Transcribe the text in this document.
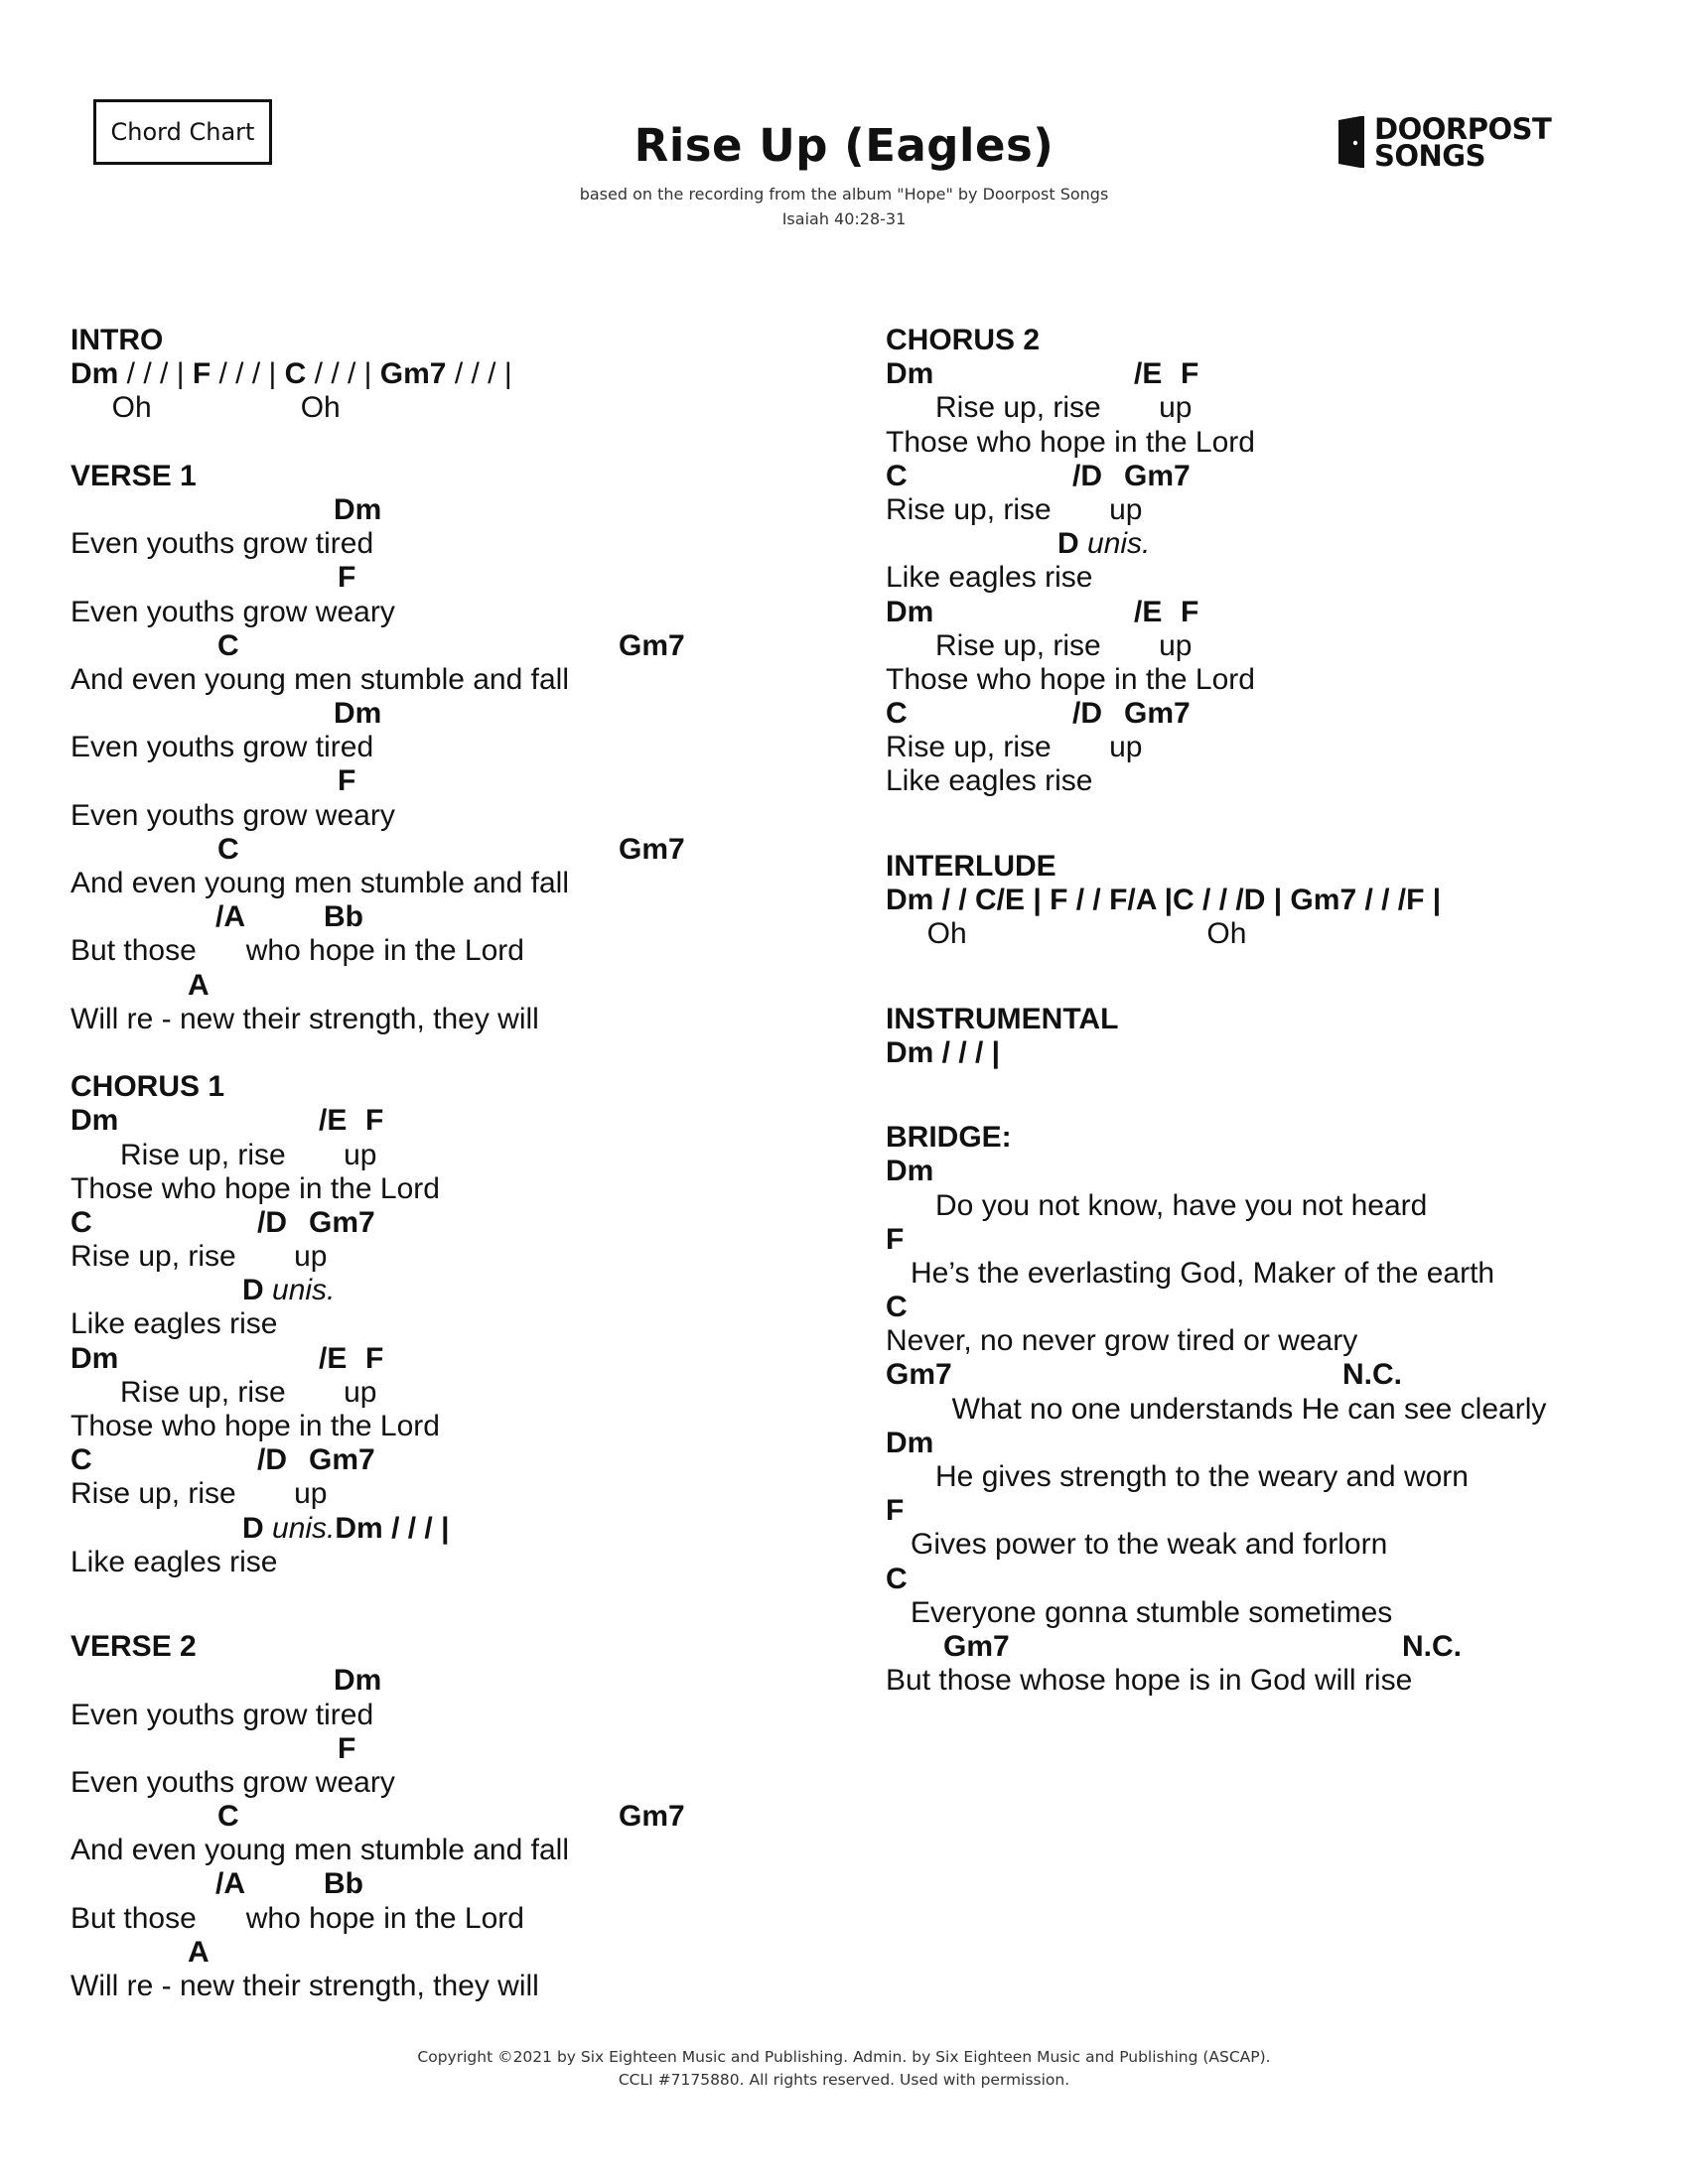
Chord Chart	Rise Up (Eagles)
based on the recording from the album "Hope" by Doorpost Songs
Isaiah 40:28-31
DOORPOST
SONGS
INTRO
Dm / / / | F / / / | C / / / | Gm7 / / / |
Oh                  Oh
VERSE 1
Dm
Even youths grow tired
F
Even youths grow weary
C	Gm7
And even young men stumble and fall
Dm
Even youths grow tired
F
Even youths grow weary
C	Gm7
And even young men stumble and fall
/A	Bb
But those      who hope in the Lord
A
Will re - new their strength, they will
CHORUS 1
Dm	/E F
Rise up, rise       up
Those who hope in the Lord
C	/D Gm7
Rise up, rise       up
D unis.
Like eagles rise
Dm	/E F
Rise up, rise       up
Those who hope in the Lord
C	/D Gm7
Rise up, rise       up
D unis.Dm / / / |
Like eagles rise
VERSE 2
Dm
Even youths grow tired
F
Even youths grow weary
C	Gm7
And even young men stumble and fall
/A	Bb
But those      who hope in the Lord
A
Will re - new their strength, they will
CHORUS 2
Dm	/E F
Rise up, rise       up
Those who hope in the Lord
C	/D Gm7
Rise up, rise       up
D unis.
Like eagles rise
Dm	/E F
Rise up, rise       up
Those who hope in the Lord
C	/D Gm7
Rise up, rise       up
Like eagles rise
INTERLUDE
Dm / / C/E | F / / F/A |C / / /D | Gm7 / / /F |
Oh                             Oh
INSTRUMENTAL
Dm / / / |
BRIDGE:
Dm
Do you not know, have you not heard
F
He’s the everlasting God, Maker of the earth
C
Never, no never grow tired or weary
Gm7	N.C.
What no one understands He can see clearly
Dm
He gives strength to the weary and worn
F
Gives power to the weak and forlorn
C
Everyone gonna stumble sometimes
Gm7	N.C.
But those whose hope is in God will rise
Copyright ©2021 by Six Eighteen Music and Publishing. Admin. by Six Eighteen Music and Publishing (ASCAP).
CCLI #7175880. All rights reserved. Used with permission.
